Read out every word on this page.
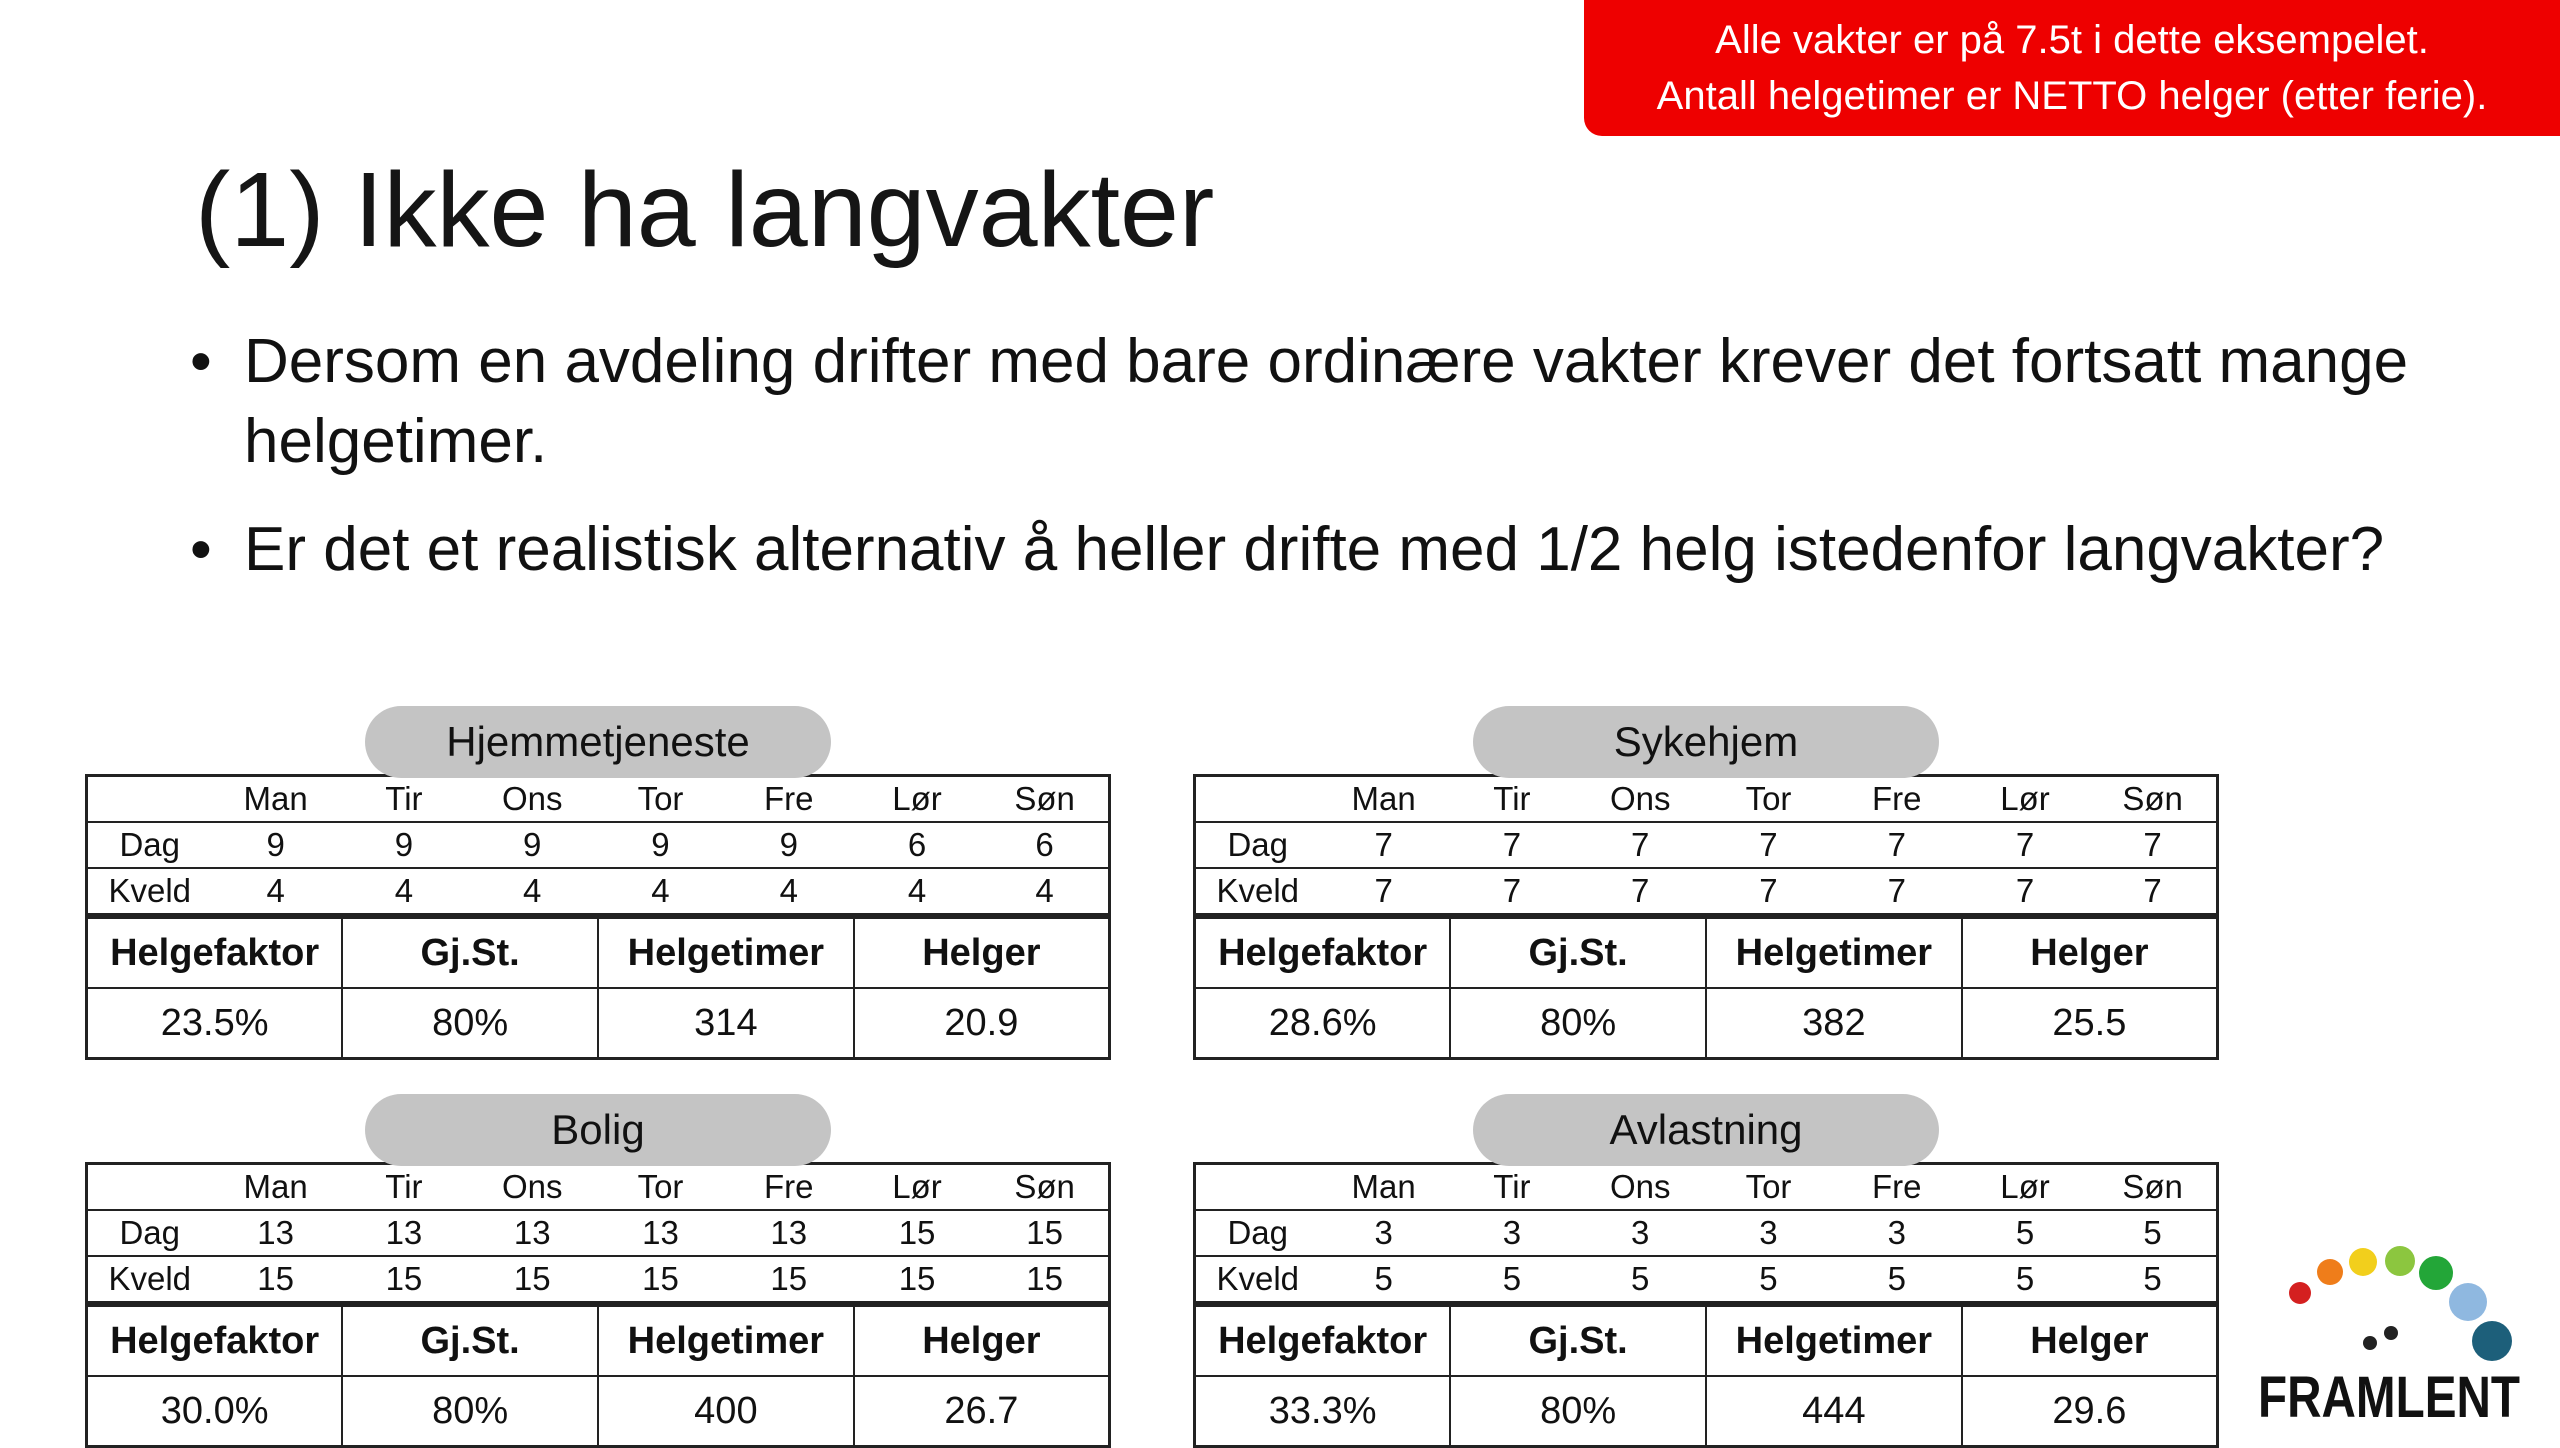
Alle vakter er på 7.5t i dette eksempelet.
Antall helgetimer er NETTO helger (etter ferie).
(1) Ikke ha langvakter
• Dersom en avdeling drifter med bare ordinære vakter krever det fortsatt mange helgetimer.
• Er det et realistisk alternativ å heller drifte med 1/2 helg istedenfor langvakter?
Hjemmetjeneste
	Man	Tir	Ons	Tor	Fre	Lør	Søn
Dag	9	9	9	9	9	6	6
Kveld	4	4	4	4	4	4	4
Helgefaktor	Gj.St.	Helgetimer	Helger
23.5%	80%	314	20.9
Sykehjem
	Man	Tir	Ons	Tor	Fre	Lør	Søn
Dag	7	7	7	7	7	7	7
Kveld	7	7	7	7	7	7	7
Helgefaktor	Gj.St.	Helgetimer	Helger
28.6%	80%	382	25.5
Bolig
	Man	Tir	Ons	Tor	Fre	Lør	Søn
Dag	13	13	13	13	13	15	15
Kveld	15	15	15	15	15	15	15
Helgefaktor	Gj.St.	Helgetimer	Helger
30.0%	80%	400	26.7
Avlastning
	Man	Tir	Ons	Tor	Fre	Lør	Søn
Dag	3	3	3	3	3	5	5
Kveld	5	5	5	5	5	5	5
Helgefaktor	Gj.St.	Helgetimer	Helger
33.3%	80%	444	29.6 FRAMLENT
